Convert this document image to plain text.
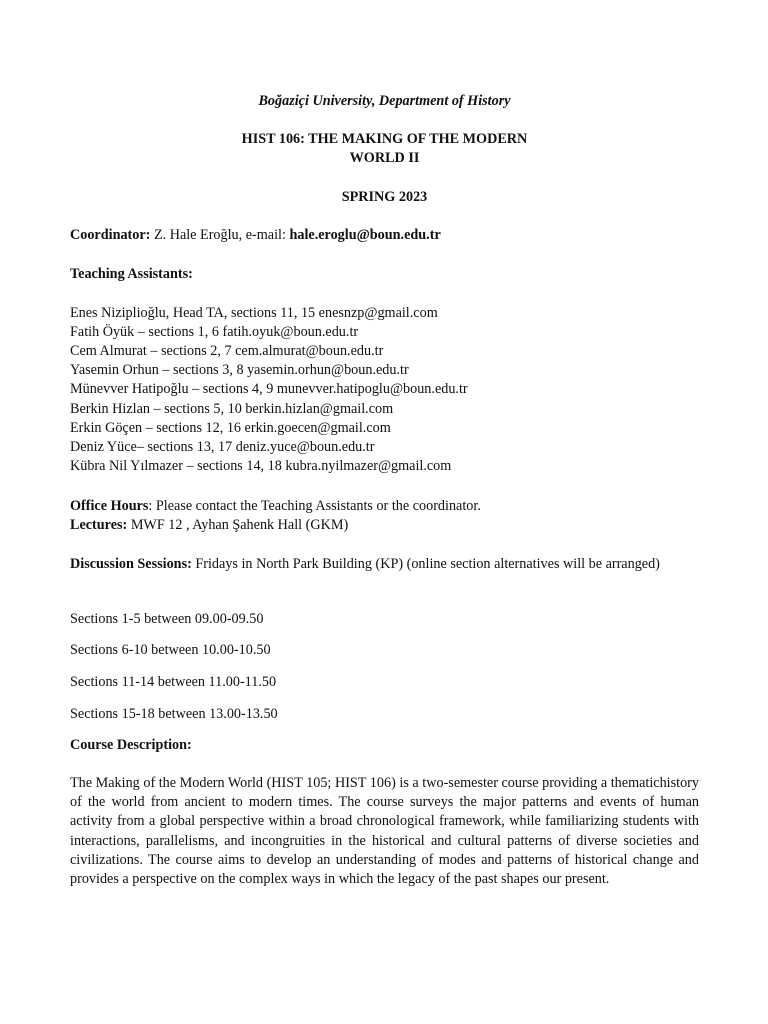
Boğaziçi University, Department of History
HIST 106: THE MAKING OF THE MODERN
WORLD II
SPRING 2023
Coordinator: Z. Hale Eroğlu, e-mail: hale.eroglu@boun.edu.tr
Teaching Assistants:
Enes Niziplioğlu, Head TA, sections 11, 15 enesnzp@gmail.com
Fatih Öyük – sections 1, 6 fatih.oyuk@boun.edu.tr
Cem Almurat – sections 2, 7 cem.almurat@boun.edu.tr
Yasemin Orhun – sections 3, 8 yasemin.orhun@boun.edu.tr
Münevver Hatipoğlu – sections 4, 9 munevver.hatipoglu@boun.edu.tr
Berkin Hizlan – sections 5, 10 berkin.hizlan@gmail.com
Erkin Göçen – sections 12, 16 erkin.goecen@gmail.com
Deniz Yüce– sections 13, 17 deniz.yuce@boun.edu.tr
Kübra Nil Yılmazer – sections 14, 18 kubra.nyilmazer@gmail.com
Office Hours: Please contact the Teaching Assistants or the coordinator.
Lectures: MWF 12 , Ayhan Şahenk Hall (GKM)
Discussion Sessions: Fridays in North Park Building (KP) (online section alternatives will be arranged)
Sections 1-5 between 09.00-09.50
Sections 6-10 between 10.00-10.50
Sections 11-14 between 11.00-11.50
Sections 15-18 between 13.00-13.50
Course Description:
The Making of the Modern World (HIST 105; HIST 106) is a two-semester course providing a thematichistory of the world from ancient to modern times. The course surveys the major patterns and events of human activity from a global perspective within a broad chronological framework, while familiarizing students with interactions, parallelisms, and incongruities in the historical and cultural patterns of diverse societies and civilizations. The course aims to develop an understanding of modes and patterns of historical change and provides a perspective on the complex ways in which the legacy of the past shapes our present.
